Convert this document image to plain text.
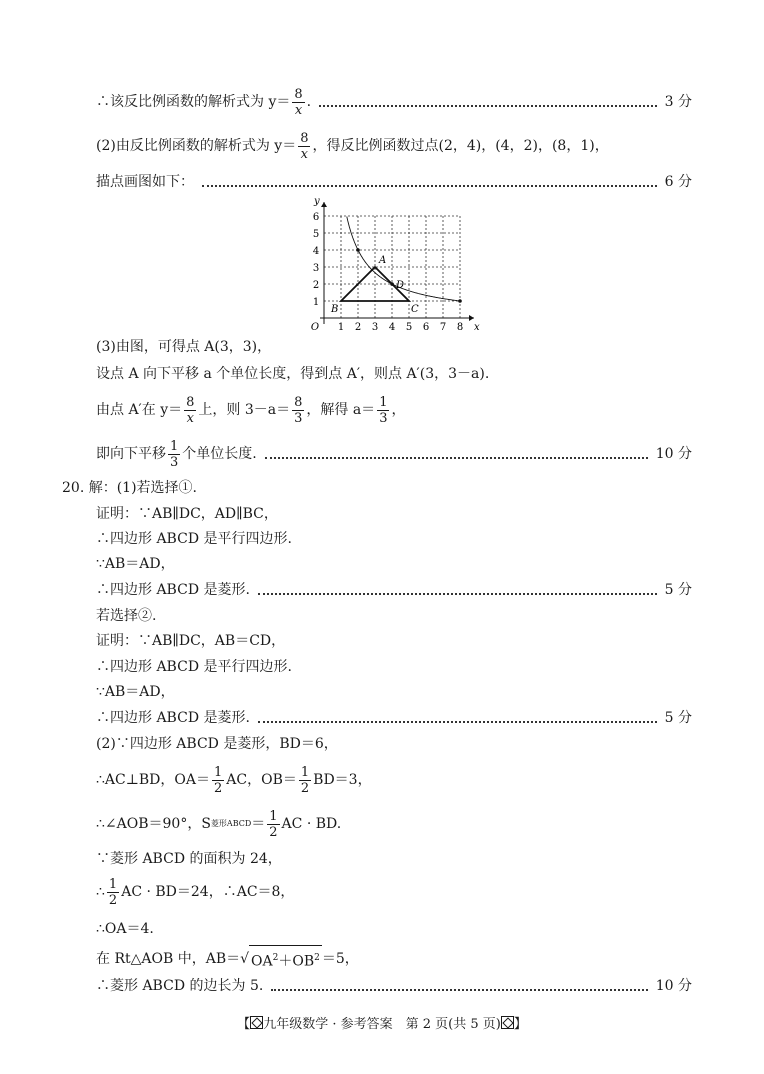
∴该反比例函数的解析式为 $y= \frac{8}{x}$ .	3 分
(2)由反比例函数的解析式为 $y= \frac{8}{x}$ ，得反比例函数过点(2，4)，(4，2)，(8，1)，
描点画图如下：	6 分
1 2 3 4 5 6 7 8
1
2
3
4
5
6
O	x
y
A
B	C
D
(3)由图，可得点 A(3，3)，
设点 A 向下平移 a 个单位长度，得到点 A′，则点 A′(3，3－a).
由点 A′在 $y= \frac{8}{x}$ 上，则 $3-a= \frac{8}{3}$ ，解得 $a= \frac{1}{3}$ ，
即向下平移 $\frac{1}{3}$ 个单位长度.	10 分
20. 解：(1)若选择①.
证明：∵AB∥DC，AD∥BC，
∴四边形 ABCD 是平行四边形.
∵AB＝AD，
∴四边形 ABCD 是菱形.	5 分
若选择②.
证明：∵AB∥DC，AB＝CD，
∴四边形 ABCD 是平行四边形.
∵AB＝AD，
∴四边形 ABCD 是菱形.	5 分
(2)∵四边形 ABCD 是菱形，BD＝6，
∴AC⊥BD，$OA= \frac{1}{2}$ AC，$OB= \frac{1}{2} BD=3$，
∴∠AOB＝90°，S 菱形ABCD ＝ $\frac{1}{2}$ AC · BD.
∵菱形 ABCD 的面积为 24，
∴ $\frac{1}{2}$ AC · BD＝24，∴AC＝8，
∴OA＝4.
在 Rt△AOB 中，AB＝ √ $OA^2+OB^2 =5$，
∴菱形 ABCD 的边长为 5.	10 分
【 九年级数学 · 参考答案　第 2 页(共 5 页) 】
